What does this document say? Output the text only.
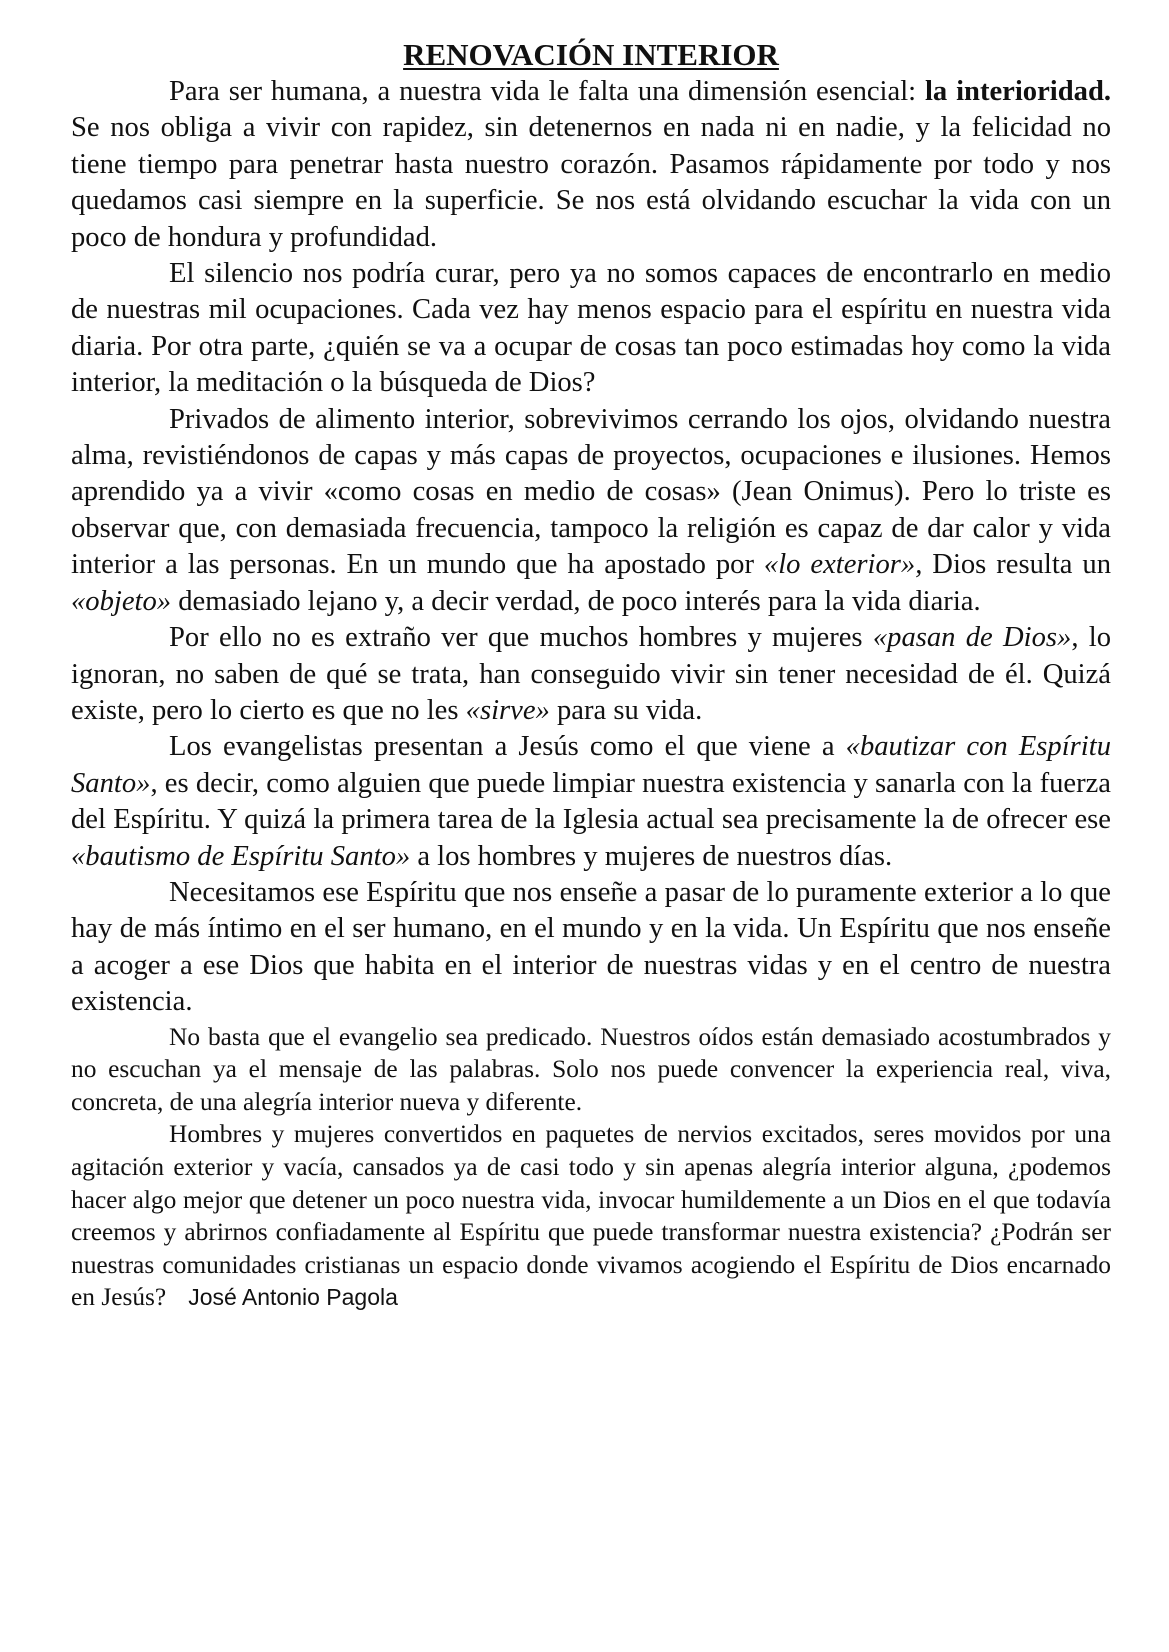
RENOVACIÓN INTERIOR

Para ser humana, a nuestra vida le falta una dimensión esencial: la interioridad. Se nos obliga a vivir con rapidez, sin detenernos en nada ni en nadie, y la felicidad no tiene tiempo para penetrar hasta nuestro corazón. Pasamos rápidamente por todo y nos quedamos casi siempre en la superficie. Se nos está olvidando escuchar la vida con un poco de hondura y profundidad.

El silencio nos podría curar, pero ya no somos capaces de encontrarlo en medio de nuestras mil ocupaciones. Cada vez hay menos espacio para el espíritu en nuestra vida diaria. Por otra parte, ¿quién se va a ocupar de cosas tan poco estimadas hoy como la vida interior, la meditación o la búsqueda de Dios?

Privados de alimento interior, sobrevivimos cerrando los ojos, olvidando nuestra alma, revistiéndonos de capas y más capas de proyectos, ocupaciones e ilusiones. Hemos aprendido ya a vivir «como cosas en medio de cosas» (Jean Onimus). Pero lo triste es observar que, con demasiada frecuencia, tampoco la religión es capaz de dar calor y vida interior a las personas. En un mundo que ha apostado por «lo exterior», Dios resulta un «objeto» demasiado lejano y, a decir verdad, de poco interés para la vida diaria.

Por ello no es extraño ver que muchos hombres y mujeres «pasan de Dios», lo ignoran, no saben de qué se trata, han conseguido vivir sin tener necesidad de él. Quizá existe, pero lo cierto es que no les «sirve» para su vida.

Los evangelistas presentan a Jesús como el que viene a «bautizar con Espíritu Santo», es decir, como alguien que puede limpiar nuestra existencia y sanarla con la fuerza del Espíritu. Y quizá la primera tarea de la Iglesia actual sea precisamente la de ofrecer ese «bautismo de Espíritu Santo» a los hombres y mujeres de nuestros días.

Necesitamos ese Espíritu que nos enseñe a pasar de lo puramente exterior a lo que hay de más íntimo en el ser humano, en el mundo y en la vida. Un Espíritu que nos enseñe a acoger a ese Dios que habita en el interior de nuestras vidas y en el centro de nuestra existencia.

No basta que el evangelio sea predicado. Nuestros oídos están demasiado acostumbrados y no escuchan ya el mensaje de las palabras. Solo nos puede convencer la experiencia real, viva, concreta, de una alegría interior nueva y diferente.

Hombres y mujeres convertidos en paquetes de nervios excitados, seres movidos por una agitación exterior y vacía, cansados ya de casi todo y sin apenas alegría interior alguna, ¿podemos hacer algo mejor que detener un poco nuestra vida, invocar humildemente a un Dios en el que todavía creemos y abrirnos confiadamente al Espíritu que puede transformar nuestra existencia? ¿Podrán ser nuestras comunidades cristianas un espacio donde vivamos acogiendo el Espíritu de Dios encarnado en Jesús? José Antonio Pagola
